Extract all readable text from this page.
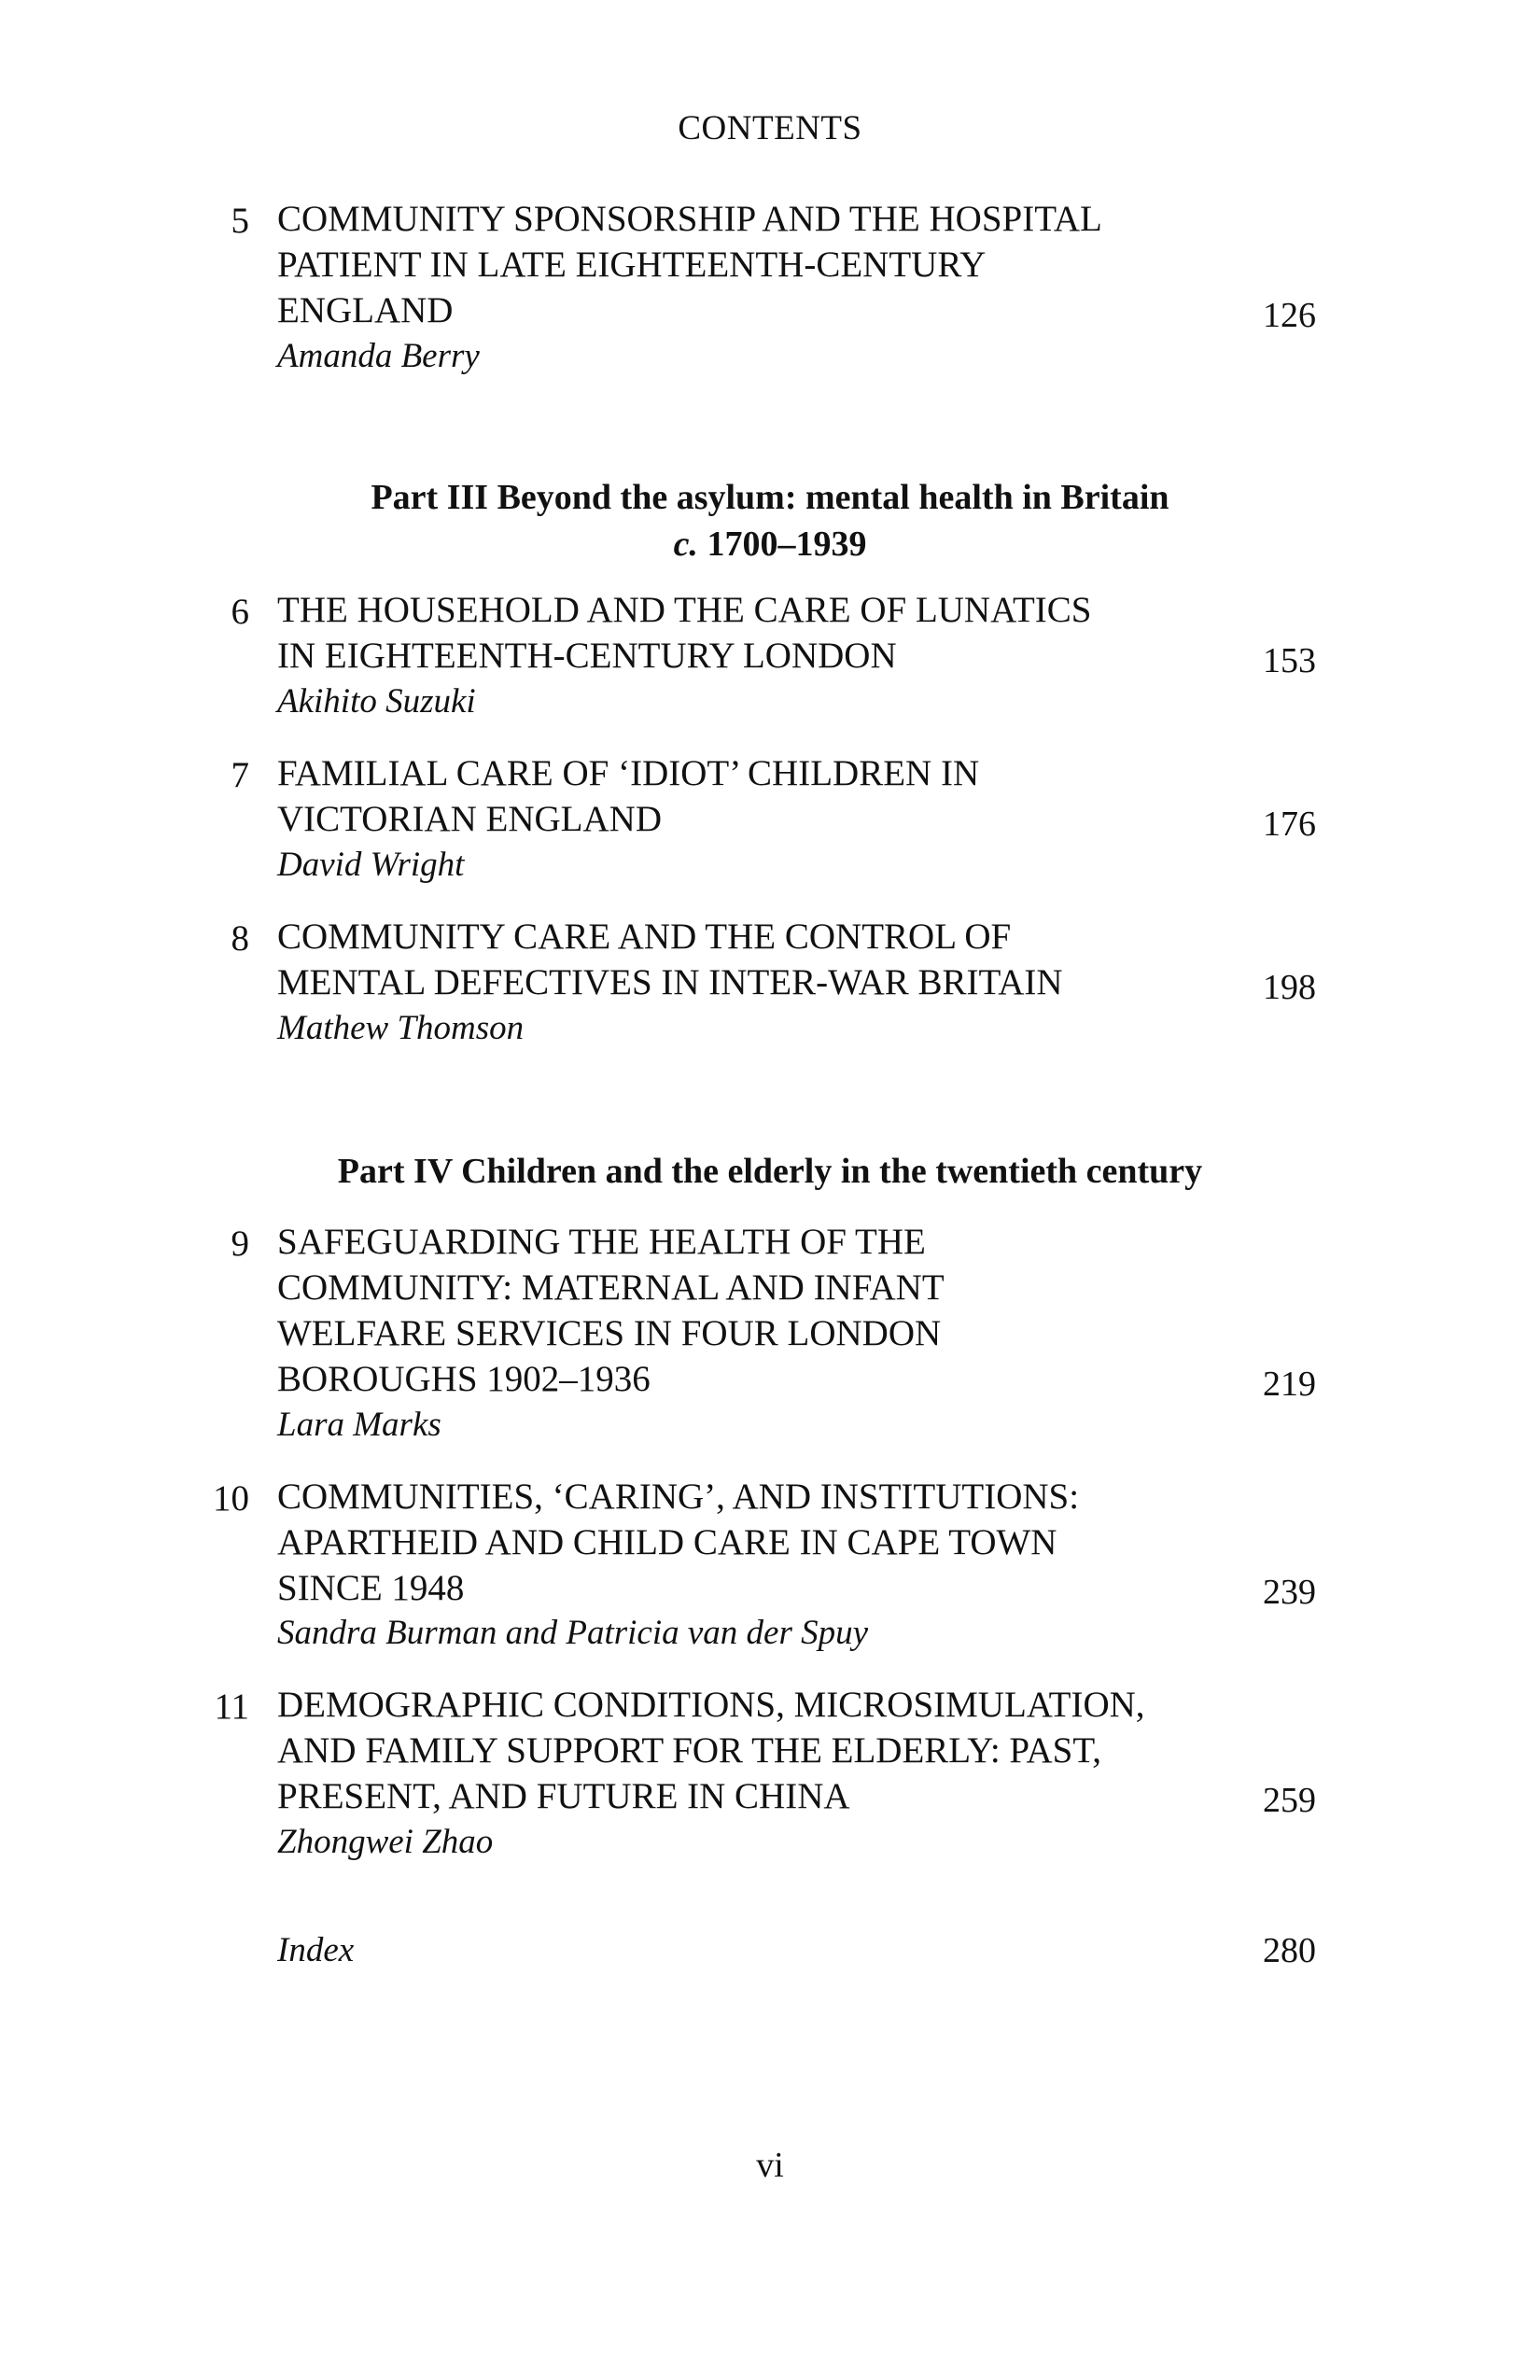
CONTENTS
5 COMMUNITY SPONSORSHIP AND THE HOSPITAL
PATIENT IN LATE EIGHTEENTH-CENTURY
ENGLAND	126
Amanda Berry
Part III Beyond the asylum: mental health in Britain
c. 1700–1939
6 THE HOUSEHOLD AND THE CARE OF LUNATICS
IN EIGHTEENTH-CENTURY LONDON	153
Akihito Suzuki
7 FAMILIAL CARE OF ‘IDIOT’ CHILDREN IN
VICTORIAN ENGLAND	176
David Wright
8 COMMUNITY CARE AND THE CONTROL OF
MENTAL DEFECTIVES IN INTER-WAR BRITAIN	198
Mathew Thomson
Part IV Children and the elderly in the twentieth century
9 SAFEGUARDING THE HEALTH OF THE
COMMUNITY: MATERNAL AND INFANT
WELFARE SERVICES IN FOUR LONDON
BOROUGHS 1902–1936	219
Lara Marks
10 COMMUNITIES, ‘CARING’, AND INSTITUTIONS:
APARTHEID AND CHILD CARE IN CAPE TOWN
SINCE 1948	239
Sandra Burman and Patricia van der Spuy
11 DEMOGRAPHIC CONDITIONS, MICROSIMULATION,
AND FAMILY SUPPORT FOR THE ELDERLY: PAST,
PRESENT, AND FUTURE IN CHINA	259
Zhongwei Zhao
Index	280
vi
